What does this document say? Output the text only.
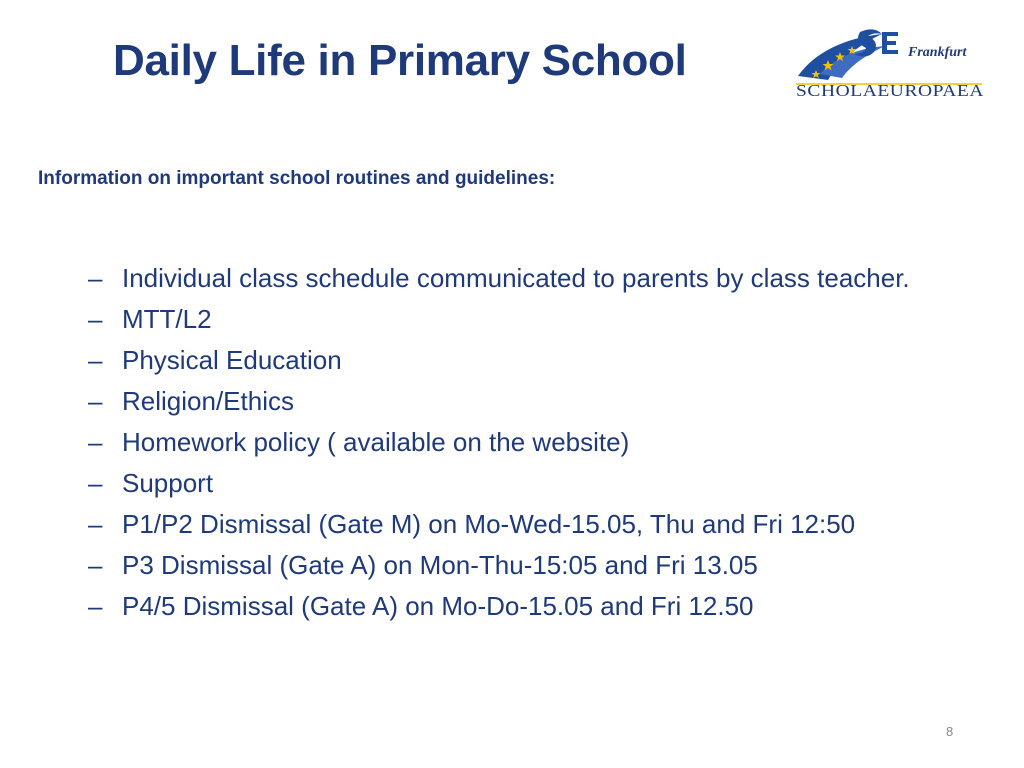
Daily Life in Primary School	Frankfurt
SCHOLAEUROPAEA

Information on important school routines and guidelines:

– Individual class schedule communicated to parents by class teacher.
– MTT/L2
– Physical Education
– Religion/Ethics
– Homework policy ( available on the website)
– Support
– P1/P2 Dismissal (Gate M) on Mo-Wed-15.05, Thu and Fri 12:50
– P3 Dismissal (Gate A) on Mon-Thu-15:05 and Fri 13.05
– P4/5 Dismissal (Gate A) on Mo-Do-15.05 and Fri 12.50
8
